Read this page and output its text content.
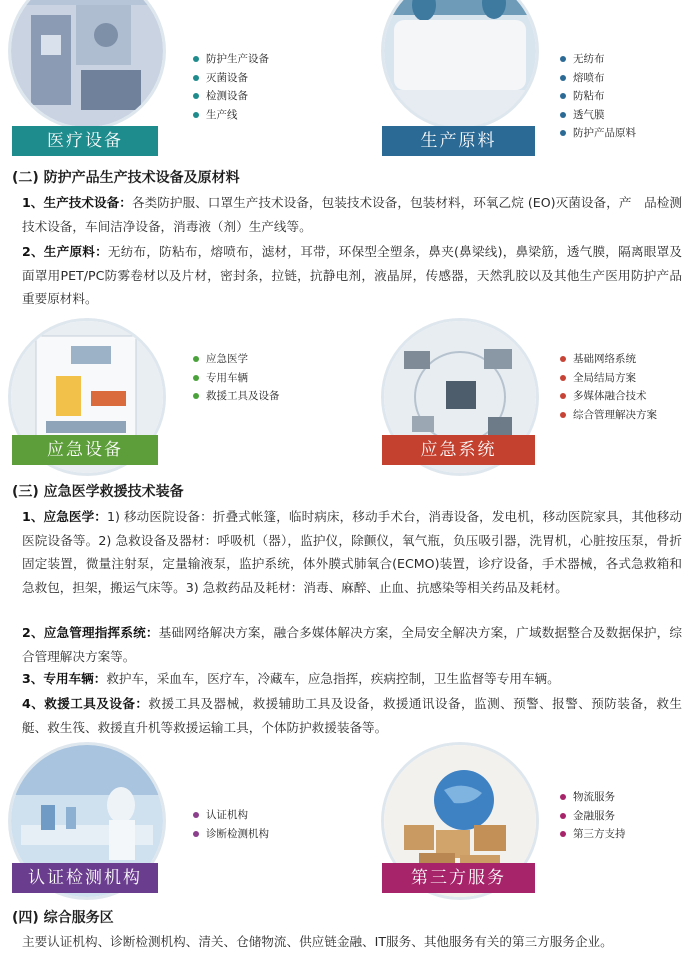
医疗设备
防护生产设备
灭菌设备
检测设备
生产线
生产原料
无纺布
熔喷布
防粘布
透气膜
防护产品原料
(二) 防护产品生产技术设备及原材料

1、生产技术设备：各类防护服、口罩生产技术设备，包装技术设备，包装材料，环氧乙烷 (EO)灭菌设备，产　品检测技术设备，车间洁净设备，消毒液（剂）生产线等。

2、生产原料：无纺布，防粘布，熔喷布，滤材，耳带，环保型全塑条，鼻夹(鼻梁线)，鼻梁筋，透气膜，隔离眼罩及面罩用PET/PC防雾卷材以及片材，密封条，拉链，抗静电剂，液晶屏，传感器，天然乳胶以及其他生产医用防护产品重要原材料。

应急设备
应急医学
专用车辆
救援工具及设备
应急系统
基础网络系统
全局结局方案
多媒体融合技术
综合管理解决方案
(三) 应急医学救援技术装备

1、应急医学：1) 移动医院设备：折叠式帐篷，临时病床，移动手术台，消毒设备，发电机，移动医院家具，其他移动医院设备等。2) 急救设备及器材：呼吸机（器），监护仪，除颤仪，氧气瓶，负压吸引器，洗胃机，心脏按压泵，骨折固定装置，微量注射泵，定量输液泵，监护系统，体外膜式肺氧合(ECMO)装置，诊疗设备，手术器械，各式急救箱和急救包，担架，搬运气床等。3) 急救药品及耗材：消毒、麻醉、止血、抗感染等相关药品及耗材。

2、应急管理指挥系统：基础网络解决方案，融合多媒体解决方案，全局安全解决方案，广域数据整合及数据保护，综合管理解决方案等。

3、专用车辆：救护车，采血车，医疗车，冷藏车，应急指挥，疾病控制，卫生监督等专用车辆。

4、救援工具及设备：救援工具及器械，救援辅助工具及设备，救援通讯设备，监测、预警、报警、预防装备，救生艇、救生筏、救援直升机等救援运输工具，个体防护救援装备等。

认证检测机构
认证机构
诊断检测机构
第三方服务
物流服务
金融服务
第三方支持
(四) 综合服务区

主要认证机构、诊断检测机构、清关、仓储物流、供应链金融、IT服务、其他服务有关的第三方服务企业。
